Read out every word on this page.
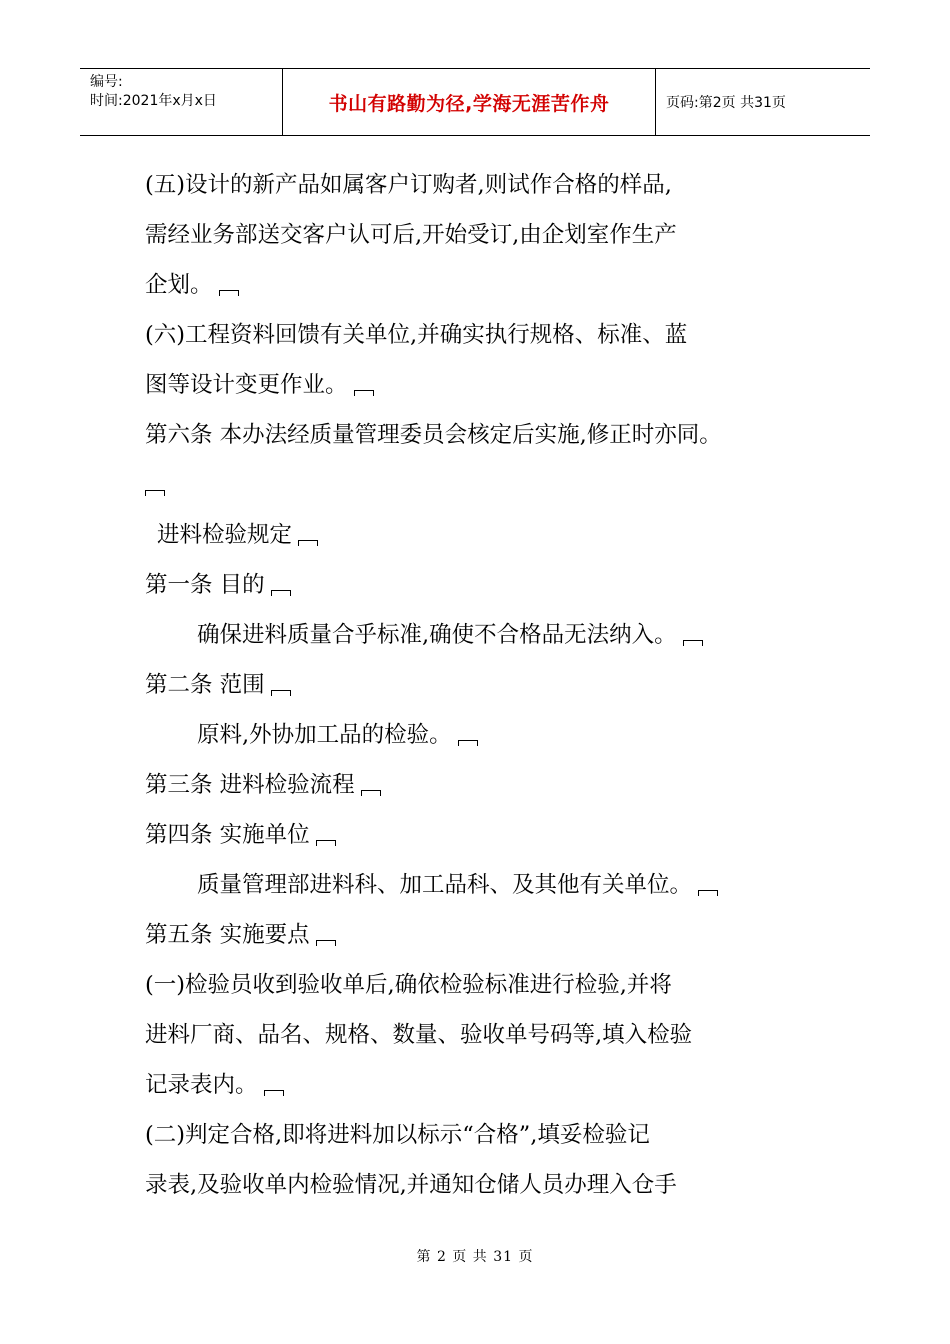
编号:
时间:2021年x月x日	书山有路勤为径,学海无涯苦作舟	页码:第2页 共31页
(五)设计的新产品如属客户订购者,则试作合格的样品,
需经业务部送交客户认可后,开始受订,由企划室作生产
企划。
(六)工程资料回馈有关单位,并确实执行规格、标准、蓝
图等设计变更作业。
第六条 本办法经质量管理委员会核定后实施,修正时亦同。
进料检验规定
第一条 目的
确保进料质量合乎标准,确使不合格品无法纳入。
第二条 范围
原料,外协加工品的检验。
第三条 进料检验流程
第四条 实施单位
质量管理部进料科、加工品科、及其他有关单位。
第五条 实施要点
(一)检验员收到验收单后,确依检验标准进行检验,并将
进料厂商、品名、规格、数量、验收单号码等,填入检验
记录表内。
(二)判定合格,即将进料加以标示“合格”,填妥检验记
录表,及验收单内检验情况,并通知仓储人员办理入仓手
第 2 页 共 31 页
